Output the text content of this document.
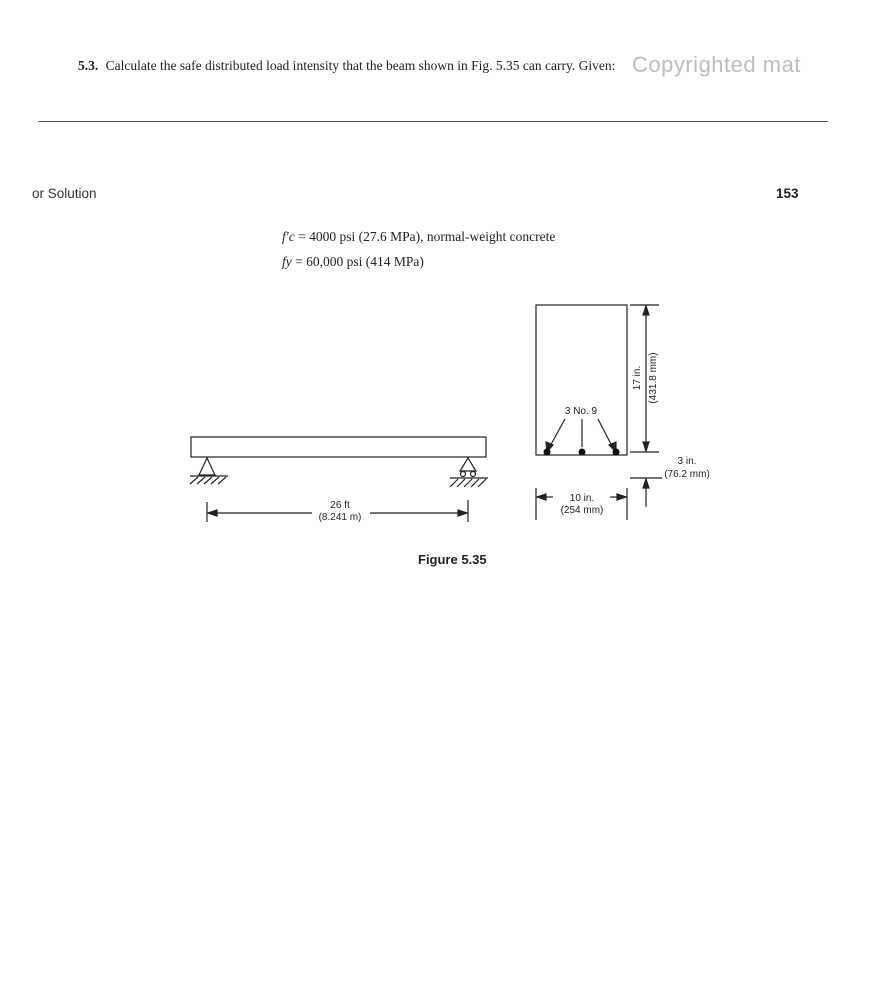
5.3. Calculate the safe distributed load intensity that the beam shown in Fig. 5.35 can carry. Given: Copyrighted mat
or Solution	153
f′c = 4000 psi (27.6 MPa), normal-weight concrete
fy = 60,000 psi (414 MPa)
26 ft
(8.241 m)
3 No. 9
17 in. (431.8 mm)
3 in.
(76.2 mm)
10 in.
(254 mm)
Figure 5.35
